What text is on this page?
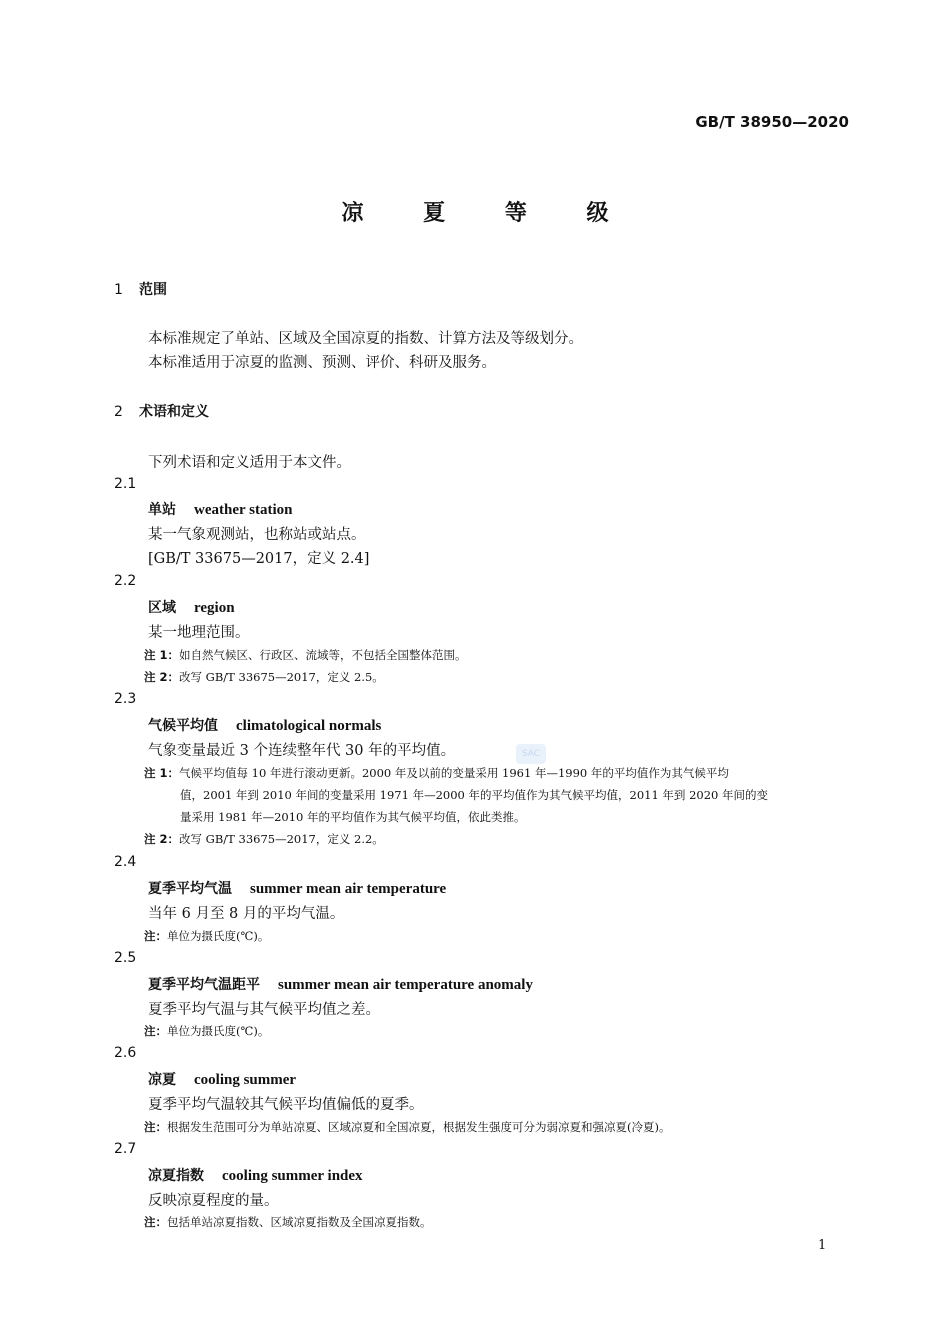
GB/T 38950—2020
凉 夏 等 级
1 范围
本标准规定了单站、区域及全国凉夏的指数、计算方法及等级划分。
本标准适用于凉夏的监测、预测、评价、科研及服务。
2 术语和定义
下列术语和定义适用于本文件。
2.1
单站 weather station
某一气象观测站，也称站或站点。
[GB/T 33675—2017，定义 2.4]
2.2
区域 region
某一地理范围。
注 1：如自然气候区、行政区、流域等，不包括全国整体范围。
注 2：改写 GB/T 33675—2017，定义 2.5。
2.3
气候平均值 climatological normals
气象变量最近 3 个连续整年代 30 年的平均值。	SAC
注 1：气候平均值每 10 年进行滚动更新。2000 年及以前的变量采用 1961 年—1990 年的平均值作为其气候平均
值，2001 年到 2010 年间的变量采用 1971 年—2000 年的平均值作为其气候平均值，2011 年到 2020 年间的变
量采用 1981 年—2010 年的平均值作为其气候平均值，依此类推。
注 2：改写 GB/T 33675—2017，定义 2.2。
2.4
夏季平均气温 summer mean air temperature
当年 6 月至 8 月的平均气温。
注：单位为摄氏度(℃)。
2.5
夏季平均气温距平 summer mean air temperature anomaly
夏季平均气温与其气候平均值之差。
注：单位为摄氏度(℃)。
2.6
凉夏 cooling summer
夏季平均气温较其气候平均值偏低的夏季。
注：根据发生范围可分为单站凉夏、区域凉夏和全国凉夏，根据发生强度可分为弱凉夏和强凉夏(冷夏)。
2.7
凉夏指数 cooling summer index
反映凉夏程度的量。
注：包括单站凉夏指数、区域凉夏指数及全国凉夏指数。
1
